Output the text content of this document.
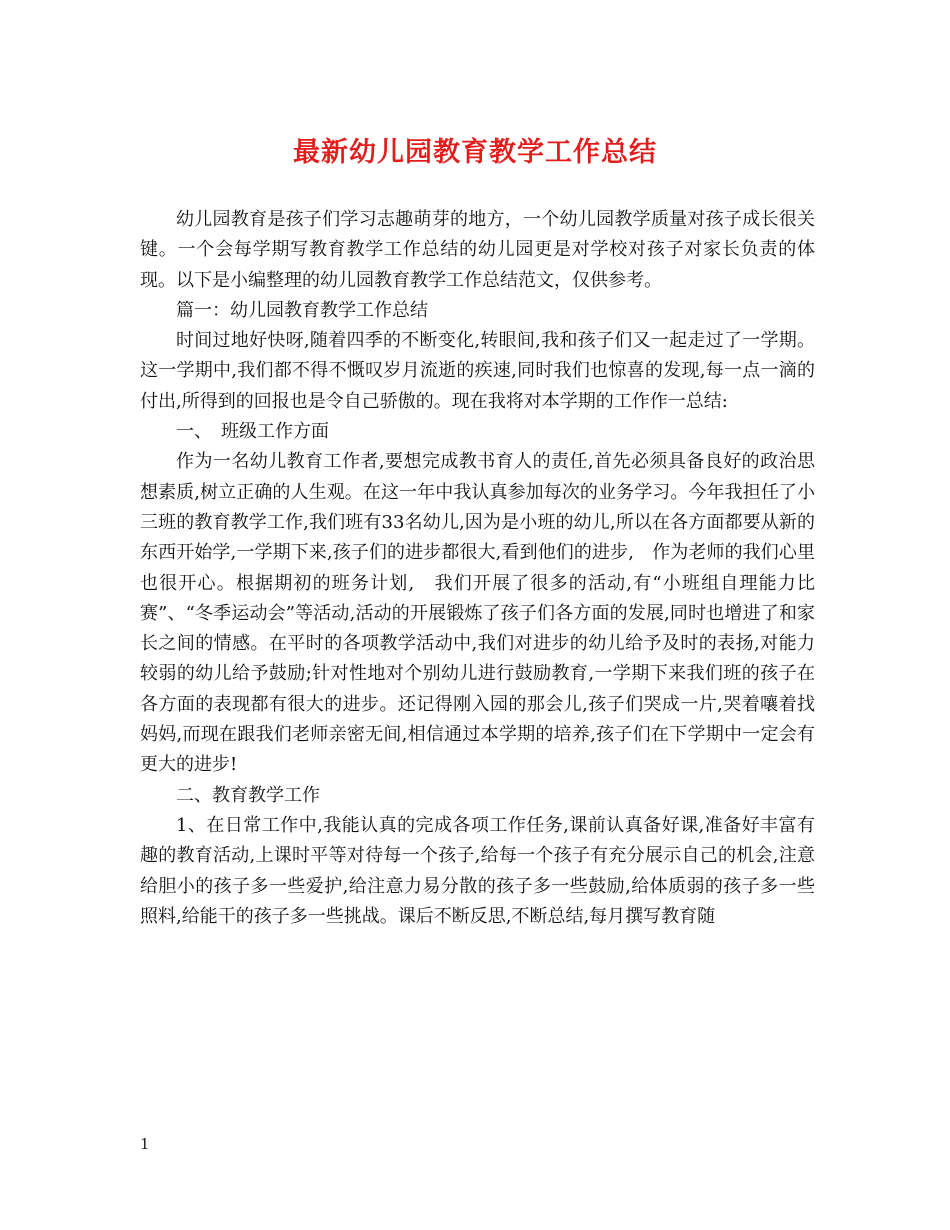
最新幼儿园教育教学工作总结

幼儿园教育是孩子们学习志趣萌芽的地方，一个幼儿园教学质量对孩子成长很关键。一个会每学期写教育教学工作总结的幼儿园更是对学校对孩子对家长负责的体现。以下是小编整理的幼儿园教育教学工作总结范文，仅供参考。

篇一：幼儿园教育教学工作总结

时间过地好快呀,随着四季的不断变化,转眼间,我和孩子们又一起走过了一学期。这一学期中,我们都不得不慨叹岁月流逝的疾速,同时我们也惊喜的发现,每一点一滴的付出,所得到的回报也是令自己骄傲的。现在我将对本学期的工作作一总结:

一、　班级工作方面

作为一名幼儿教育工作者,要想完成教书育人的责任,首先必须具备良好的政治思想素质,树立正确的人生观。在这一年中我认真参加每次的业务学习。今年我担任了小三班的教育教学工作,我们班有33名幼儿,因为是小班的幼儿,所以在各方面都要从新的东西开始学,一学期下来,孩子们的进步都很大,看到他们的进步,　作为老师的我们心里也很开心。根据期初的班务计划,　我们开展了很多的活动,有“小班组自理能力比赛”、“冬季运动会”等活动,活动的开展锻炼了孩子们各方面的发展,同时也增进了和家长之间的情感。在平时的各项教学活动中,我们对进步的幼儿给予及时的表扬,对能力较弱的幼儿给予鼓励;针对性地对个别幼儿进行鼓励教育,一学期下来我们班的孩子在各方面的表现都有很大的进步。还记得刚入园的那会儿,孩子们哭成一片,哭着嚷着找妈妈,而现在跟我们老师亲密无间,相信通过本学期的培养,孩子们在下学期中一定会有更大的进步!

二、教育教学工作

1、在日常工作中,我能认真的完成各项工作任务,课前认真备好课,准备好丰富有趣的教育活动,上课时平等对待每一个孩子,给每一个孩子有充分展示自己的机会,注意给胆小的孩子多一些爱护,给注意力易分散的孩子多一些鼓励,给体质弱的孩子多一些照料,给能干的孩子多一些挑战。课后不断反思,不断总结,每月撰写教育随

1
